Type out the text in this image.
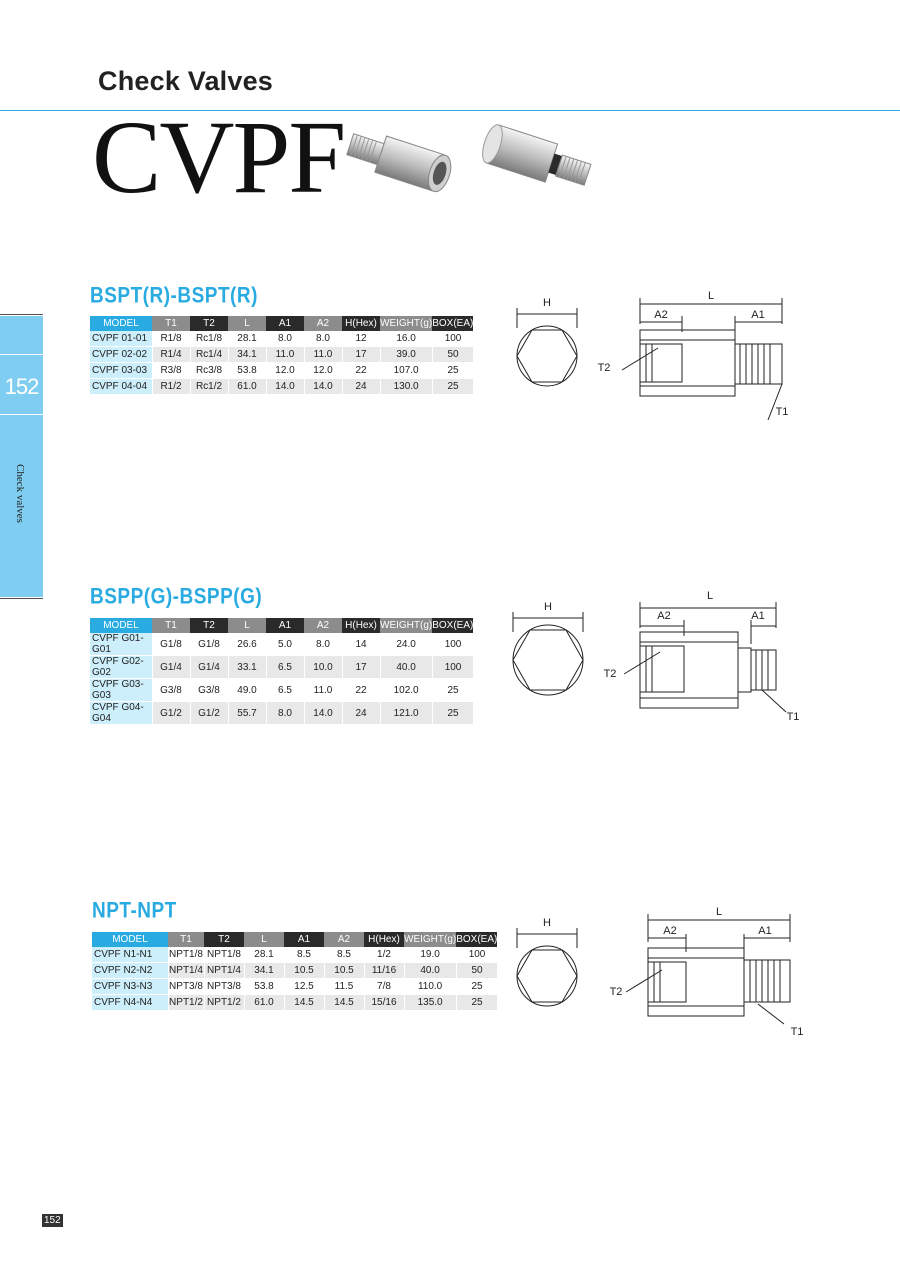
Check Valves
CVPF
152
Check valves
BSPT(R)-BSPT(R)
MODEL	T1	T2	L	A1	A2	H(Hex)	WEIGHT(g)	BOX(EA)
CVPF 01-01	R1/8	Rc1/8	28.1	8.0	8.0	12	16.0	100
CVPF 02-02	R1/4	Rc1/4	34.1	11.0	11.0	17	39.0	50
CVPF 03-03	R3/8	Rc3/8	53.8	12.0	12.0	22	107.0	25
CVPF 04-04	R1/2	Rc1/2	61.0	14.0	14.0	24	130.0	25
H
L
A2	A1
T2
T1
BSPP(G)-BSPP(G)
MODEL	T1	T2	L	A1	A2	H(Hex)	WEIGHT(g)	BOX(EA)
CVPF G01-G01	G1/8	G1/8	26.6	5.0	8.0	14	24.0	100
CVPF G02-G02	G1/4	G1/4	33.1	6.5	10.0	17	40.0	100
CVPF G03-G03	G3/8	G3/8	49.0	6.5	11.0	22	102.0	25
CVPF G04-G04	G1/2	G1/2	55.7	8.0	14.0	24	121.0	25
H
L
A2	A1
T2
T1
NPT-NPT
MODEL	T1	T2	L	A1	A2	H(Hex)	WEIGHT(g)	BOX(EA)
CVPF N1-N1	NPT1/8	NPT1/8	28.1	8.5	8.5	1/2	19.0	100
CVPF N2-N2	NPT1/4	NPT1/4	34.1	10.5	10.5	11/16	40.0	50
CVPF N3-N3	NPT3/8	NPT3/8	53.8	12.5	11.5	7/8	110.0	25
CVPF N4-N4	NPT1/2	NPT1/2	61.0	14.5	14.5	15/16	135.0	25
H
L
A2	A1
T2
T1
152
